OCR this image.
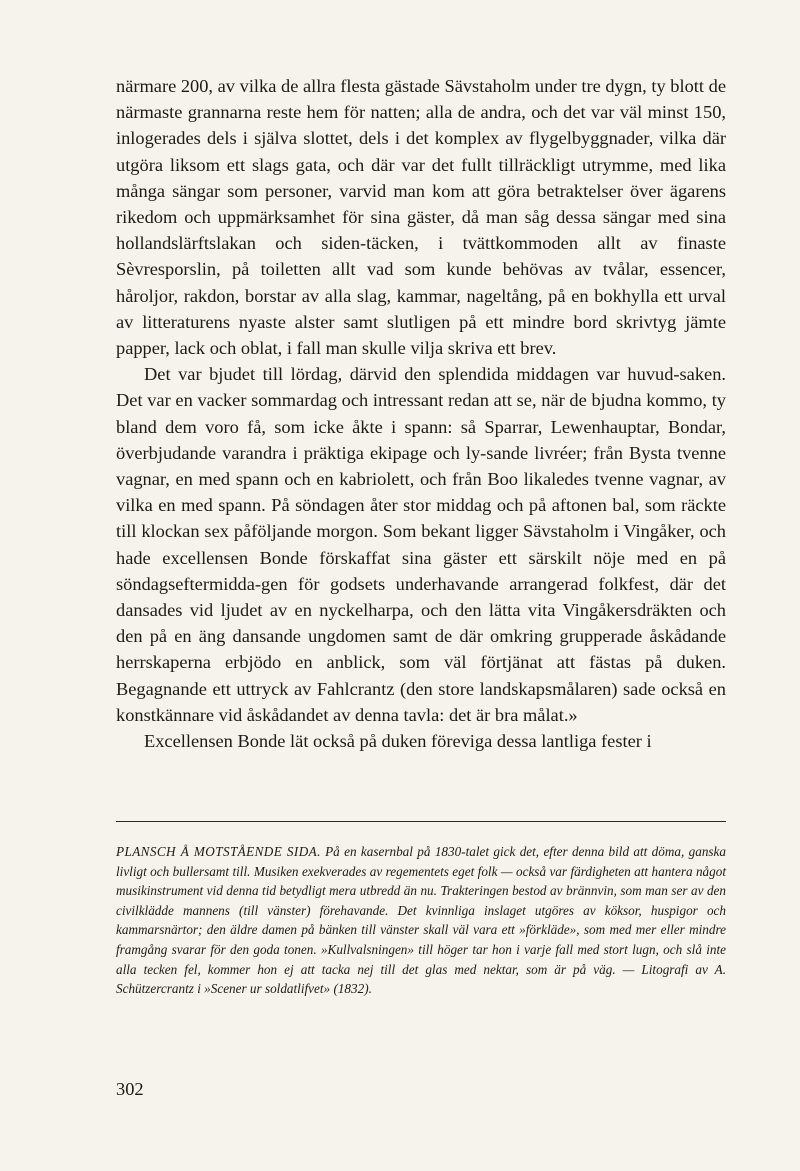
närmare 200, av vilka de allra flesta gästade Sävstaholm under tre dygn, ty blott de närmaste grannarna reste hem för natten; alla de andra, och det var väl minst 150, inlogerades dels i själva slottet, dels i det komplex av flygelbyggnader, vilka där utgöra liksom ett slags gata, och där var det fullt tillräckligt utrymme, med lika många sängar som personer, varvid man kom att göra betraktelser över ägarens rikedom och uppmärksamhet för sina gäster, då man såg dessa sängar med sina hollandslärftslakan och siden-täcken, i tvättkommoden allt av finaste Sèvresporslin, på toiletten allt vad som kunde behövas av tvålar, essencer, håroljor, rakdon, borstar av alla slag, kammar, nageltång, på en bokhylla ett urval av litteraturens nyaste alster samt slutligen på ett mindre bord skrivtyg jämte papper, lack och oblat, i fall man skulle vilja skriva ett brev.

Det var bjudet till lördag, därvid den splendida middagen var huvud-saken. Det var en vacker sommardag och intressant redan att se, när de bjudna kommo, ty bland dem voro få, som icke åkte i spann: så Sparrar, Lewenhauptar, Bondar, överbjudande varandra i präktiga ekipage och ly-sande livréer; från Bysta tvenne vagnar, en med spann och en kabriolett, och från Boo likaledes tvenne vagnar, av vilka en med spann. På söndagen åter stor middag och på aftonen bal, som räckte till klockan sex påföljande morgon. Som bekant ligger Sävstaholm i Vingåker, och hade excellensen Bonde förskaffat sina gäster ett särskilt nöje med en på söndagseftermidda-gen för godsets underhavande arrangerad folkfest, där det dansades vid ljudet av en nyckelharpa, och den lätta vita Vingåkersdräkten och den på en äng dansande ungdomen samt de där omkring grupperade åskådande herrskaperna erbjödo en anblick, som väl förtjänat att fästas på duken. Begagnande ett uttryck av Fahlcrantz (den store landskapsmålaren) sade också en konstkännare vid åskådandet av denna tavla: det är bra målat.»

Excellensen Bonde lät också på duken föreviga dessa lantliga fester i

PLANSCH Å MOTSTÅENDE SIDA. På en kasernbal på 1830-talet gick det, efter denna bild att döma, ganska livligt och bullersamt till. Musiken exekverades av regementets eget folk — också var färdigheten att hantera något musikinstrument vid denna tid betydligt mera utbredd än nu. Trakteringen bestod av brännvin, som man ser av den civilklädde mannens (till vänster) förehavande. Det kvinnliga inslaget utgöres av köksor, huspigor och kammarsnärtor; den äldre damen på bänken till vänster skall väl vara ett »förkläde», som med mer eller mindre framgång svarar för den goda tonen. »Kullvalsningen» till höger tar hon i varje fall med stort lugn, och slå inte alla tecken fel, kommer hon ej att tacka nej till det glas med nektar, som är på väg. — Litografi av A. Schützercrantz i »Scener ur soldatlifvet» (1832).

302
